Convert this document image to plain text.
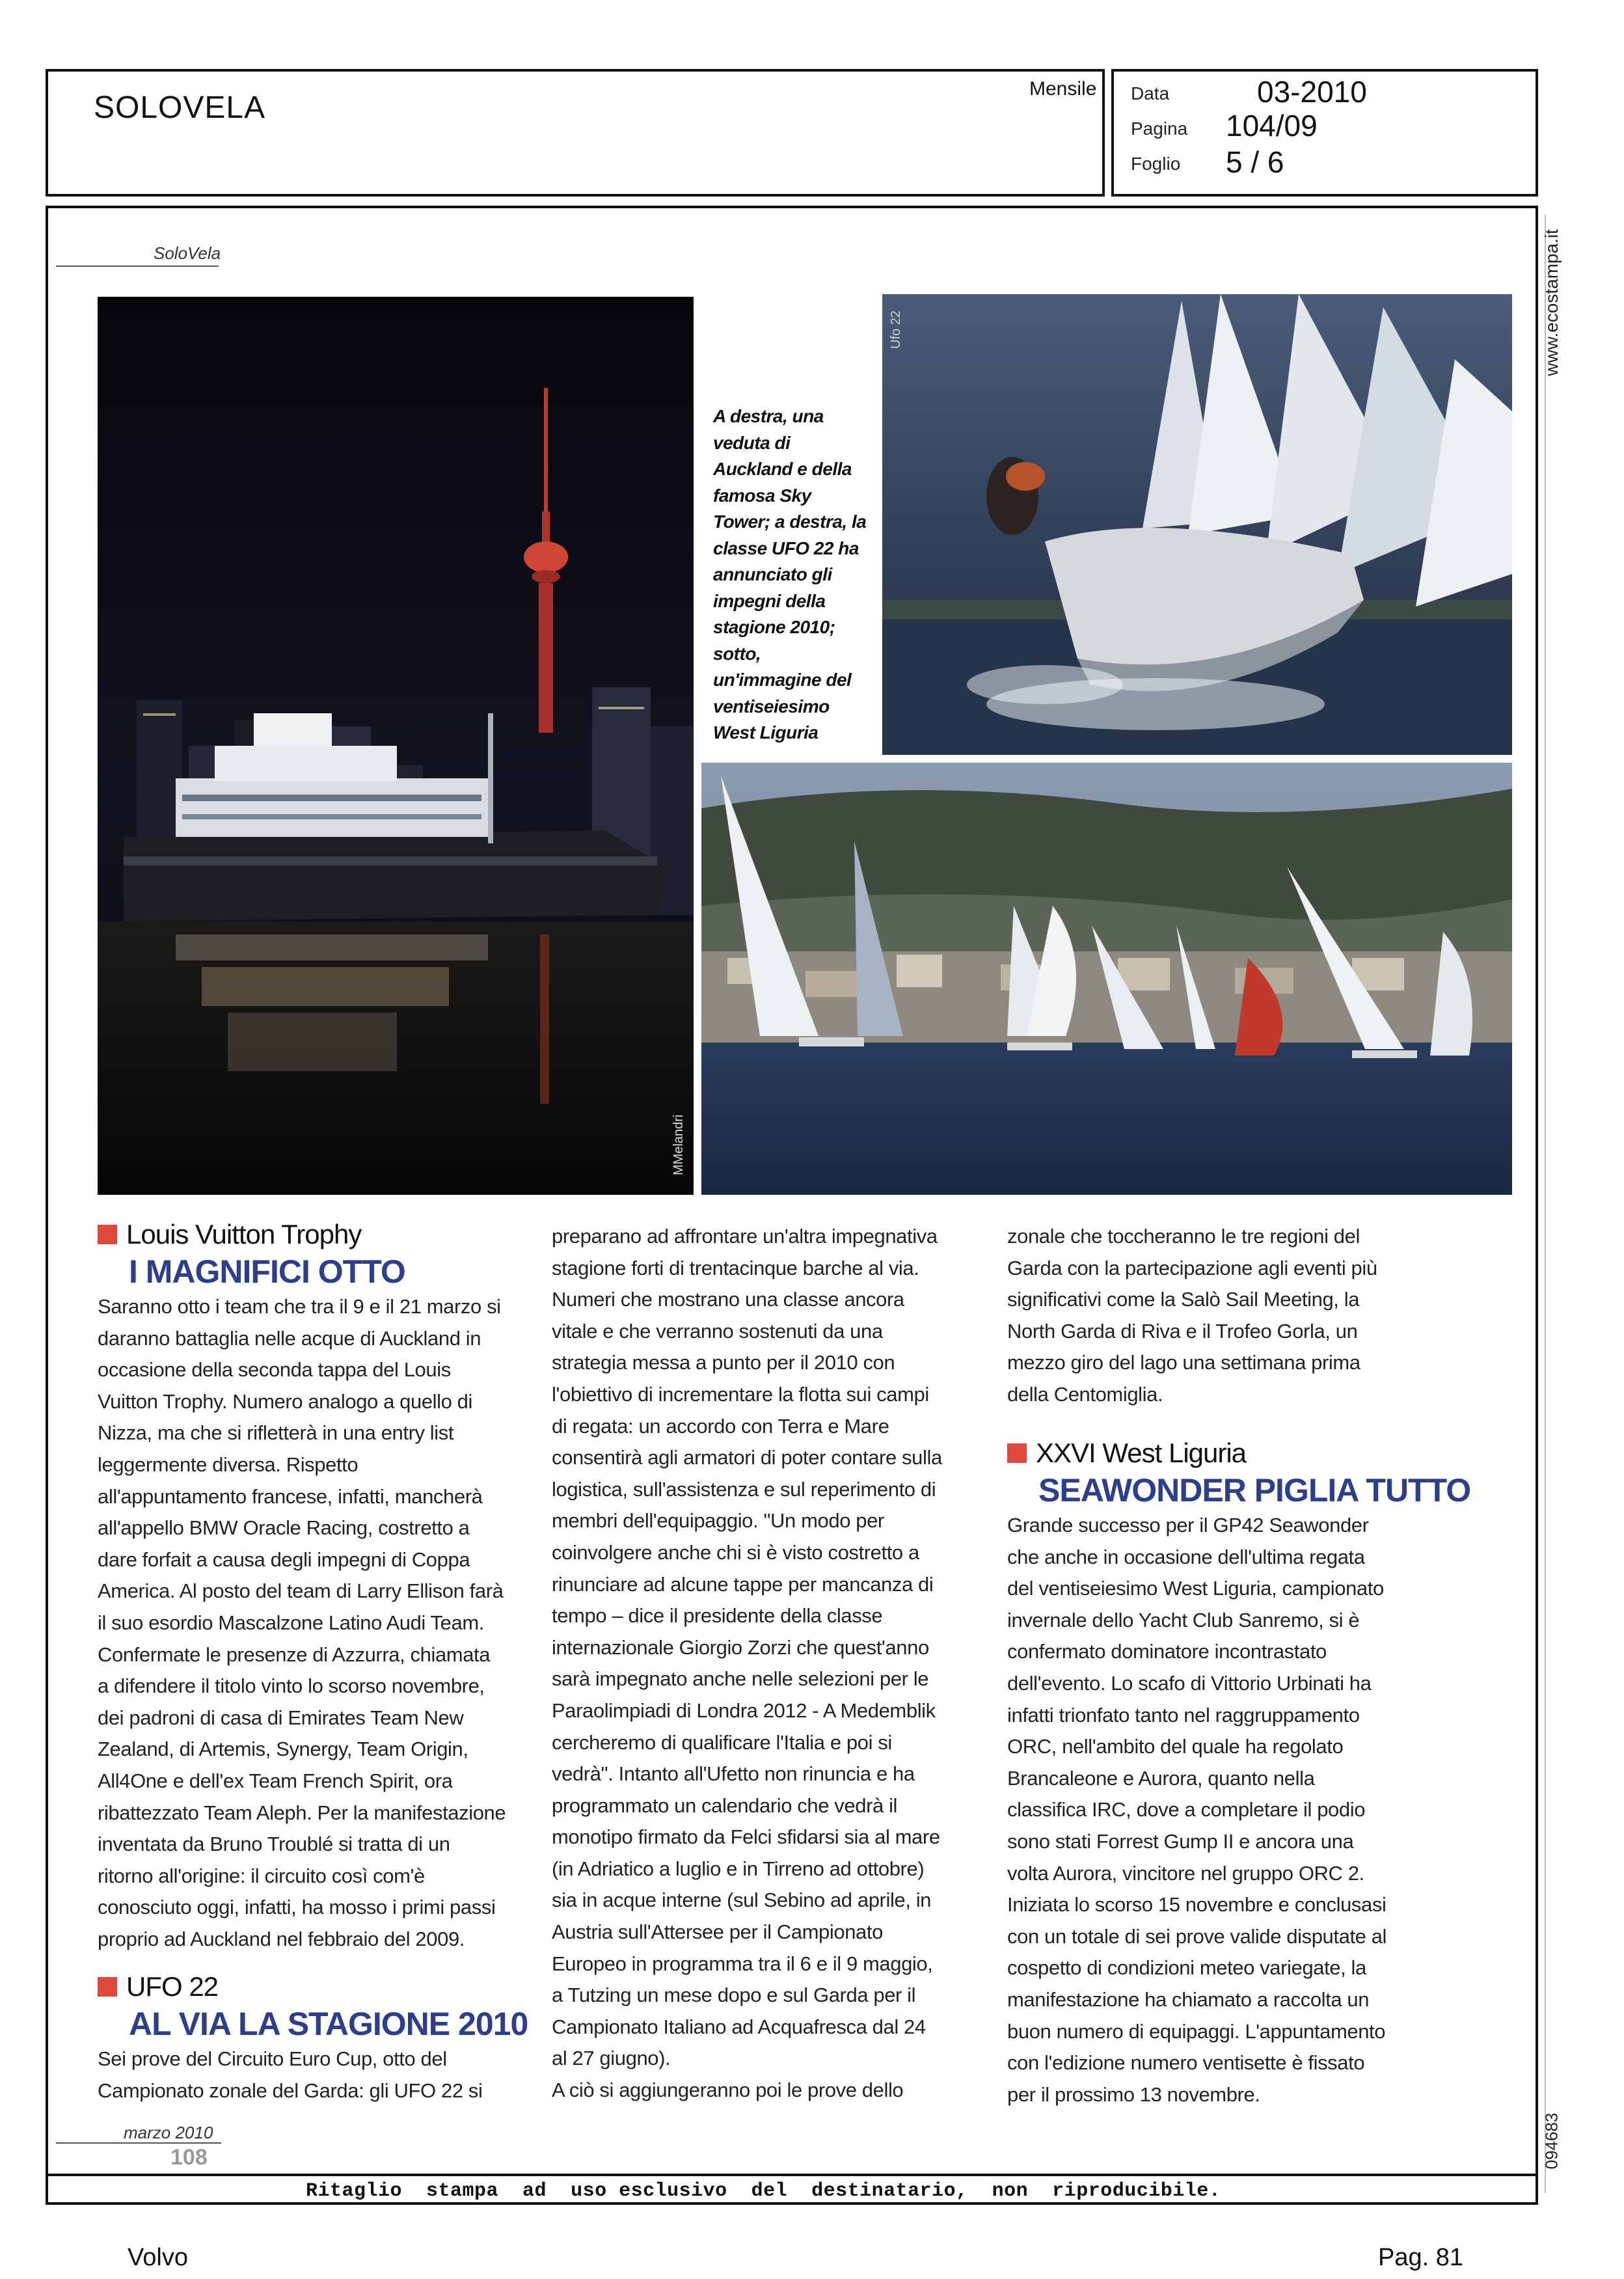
SOLOVELA
Mensile Data	03-2010
Pagina 104/09
Foglio 5 / 6
SoloVela	www.ecostampa.it
094683
MMelandri
Ufo 22
A destra, una
veduta di
Auckland e della
famosa Sky
Tower; a destra, la
classe UFO 22 ha
annunciato gli
impegni della
stagione 2010;
sotto,
un'immagine del
ventiseiesimo
West Liguria
Louis Vuitton Trophy
I MAGNIFICI OTTO
Saranno otto i team che tra il 9 e il 21 marzo si
daranno battaglia nelle acque di Auckland in
occasione della seconda tappa del Louis
Vuitton Trophy. Numero analogo a quello di
Nizza, ma che si rifletterà in una entry list
leggermente diversa. Rispetto
all'appuntamento francese, infatti, mancherà
all'appello BMW Oracle Racing, costretto a
dare forfait a causa degli impegni di Coppa
America. Al posto del team di Larry Ellison farà
il suo esordio Mascalzone Latino Audi Team.
Confermate le presenze di Azzurra, chiamata
a difendere il titolo vinto lo scorso novembre,
dei padroni di casa di Emirates Team New
Zealand, di Artemis, Synergy, Team Origin,
All4One e dell'ex Team French Spirit, ora
ribattezzato Team Aleph. Per la manifestazione
inventata da Bruno Troublé si tratta di un
ritorno all'origine: il circuito così com'è
conosciuto oggi, infatti, ha mosso i primi passi
proprio ad Auckland nel febbraio del 2009.
UFO 22
AL VIA LA STAGIONE 2010
Sei prove del Circuito Euro Cup, otto del
Campionato zonale del Garda: gli UFO 22 si
preparano ad affrontare un'altra impegnativa
stagione forti di trentacinque barche al via.
Numeri che mostrano una classe ancora
vitale e che verranno sostenuti da una
strategia messa a punto per il 2010 con
l'obiettivo di incrementare la flotta sui campi
di regata: un accordo con Terra e Mare
consentirà agli armatori di poter contare sulla
logistica, sull'assistenza e sul reperimento di
membri dell'equipaggio. "Un modo per
coinvolgere anche chi si è visto costretto a
rinunciare ad alcune tappe per mancanza di
tempo – dice il presidente della classe
internazionale Giorgio Zorzi che quest'anno
sarà impegnato anche nelle selezioni per le
Paraolimpiadi di Londra 2012 - A Medemblik
cercheremo di qualificare l'Italia e poi si
vedrà". Intanto all'Ufetto non rinuncia e ha
programmato un calendario che vedrà il
monotipo firmato da Felci sfidarsi sia al mare
(in Adriatico a luglio e in Tirreno ad ottobre)
sia in acque interne (sul Sebino ad aprile, in
Austria sull'Attersee per il Campionato
Europeo in programma tra il 6 e il 9 maggio,
a Tutzing un mese dopo e sul Garda per il
Campionato Italiano ad Acquafresca dal 24
al 27 giugno).
A ciò si aggiungeranno poi le prove dello
zonale che toccheranno le tre regioni del
Garda con la partecipazione agli eventi più
significativi come la Salò Sail Meeting, la
North Garda di Riva e il Trofeo Gorla, un
mezzo giro del lago una settimana prima
della Centomiglia.
XXVI West Liguria
SEAWONDER PIGLIA TUTTO
Grande successo per il GP42 Seawonder
che anche in occasione dell'ultima regata
del ventiseiesimo West Liguria, campionato
invernale dello Yacht Club Sanremo, si è
confermato dominatore incontrastato
dell'evento. Lo scafo di Vittorio Urbinati ha
infatti trionfato tanto nel raggruppamento
ORC, nell'ambito del quale ha regolato
Brancaleone e Aurora, quanto nella
classifica IRC, dove a completare il podio
sono stati Forrest Gump II e ancora una
volta Aurora, vincitore nel gruppo ORC 2.
Iniziata lo scorso 15 novembre e conclusasi
con un totale di sei prove valide disputate al
cospetto di condizioni meteo variegate, la
manifestazione ha chiamato a raccolta un
buon numero di equipaggi. L'appuntamento
con l'edizione numero ventisette è fissato
per il prossimo 13 novembre.
marzo 2010
108
Ritaglio  stampa  ad  uso esclusivo  del  destinatario,  non  riproducibile.
Volvo	Pag. 81
